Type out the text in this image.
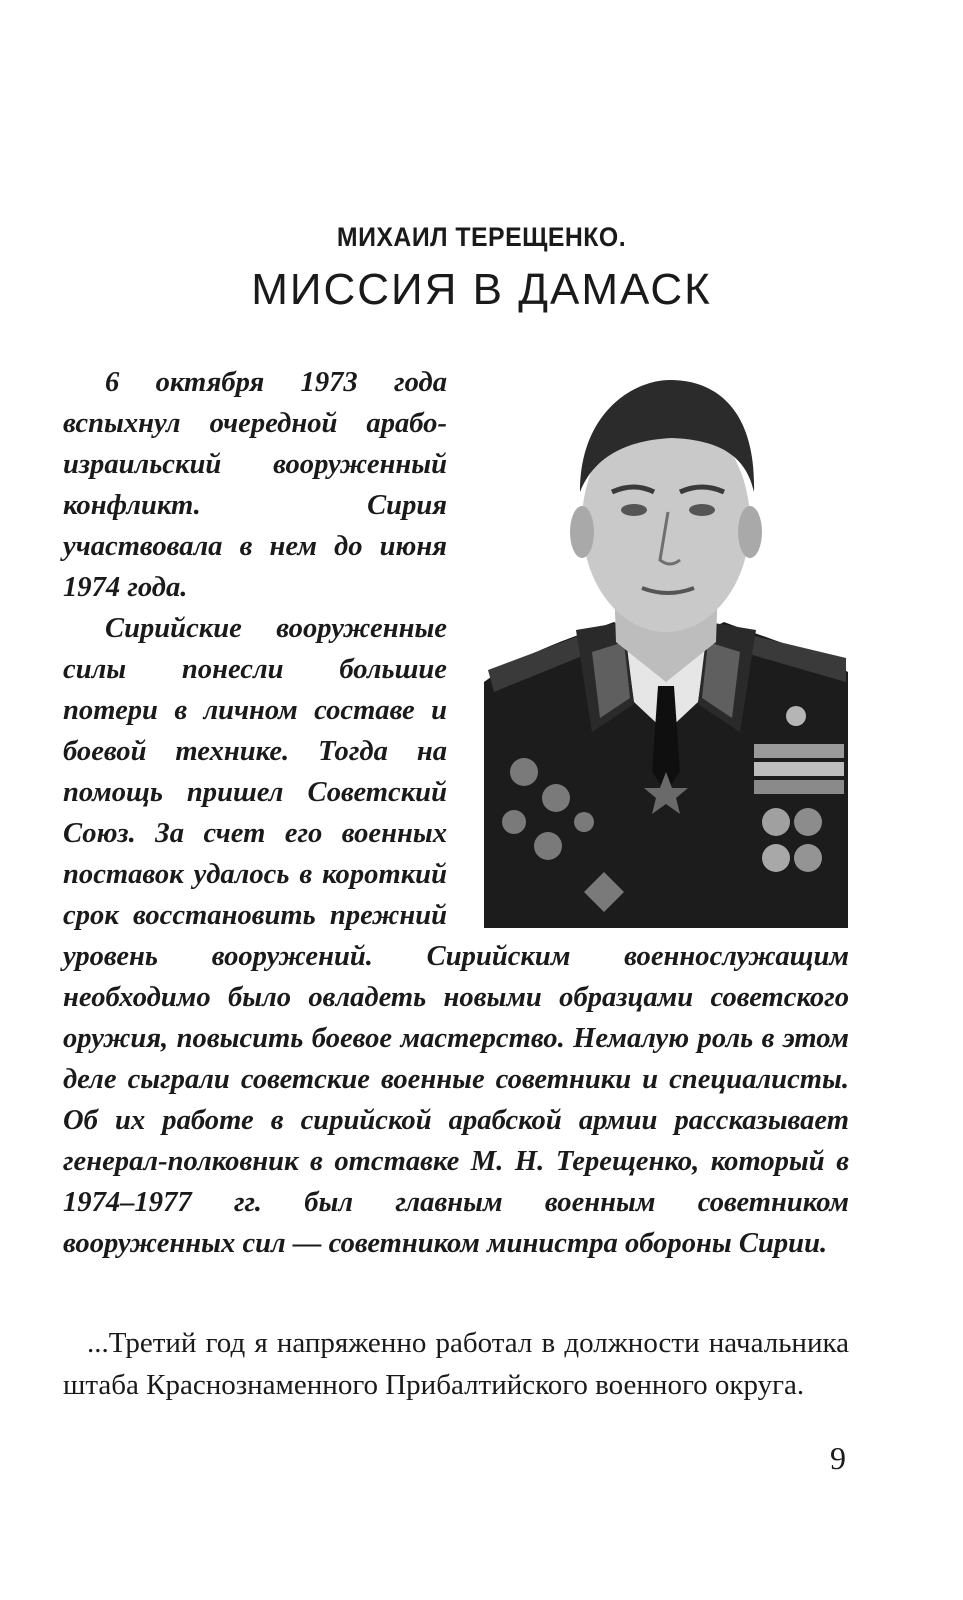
МИХАИЛ ТЕРЕЩЕНКО.
МИССИЯ В ДАМАСК

6 октября 1973 года вспыхнул очередной арабо-израильский вооруженный конфликт. Сирия участвовала в нем до июня 1974 года.

Сирийские вооруженные силы понесли большие потери в личном составе и боевой технике. Тогда на помощь пришел Советский Союз. За счет его военных поставок удалось в короткий срок восстановить прежний уровень вооружений. Сирийским военнослужащим необходимо было овладеть новыми образцами советского оружия, повысить боевое мастерство. Немалую роль в этом деле сыграли советские военные советники и специалисты. Об их работе в сирийской арабской армии рассказывает генерал-полковник в отставке М. Н. Терещенко, который в 1974–1977 гг. был главным военным советником вооруженных сил — советником министра обороны Сирии.

...Третий год я напряженно работал в должности начальника штаба Краснознаменного Прибалтийского военного округа.

9
